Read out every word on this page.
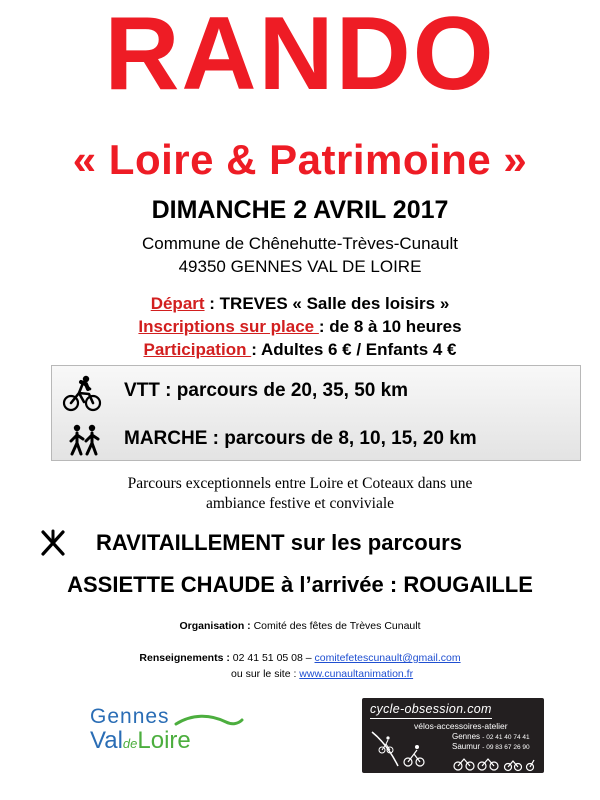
RANDO
« Loire & Patrimoine »
DIMANCHE 2 AVRIL 2017
Commune de Chênehutte-Trèves-Cunault
49350 GENNES VAL DE LOIRE
Départ : TREVES « Salle des loisirs »
Inscriptions sur place : de 8 à 10 heures
Participation : Adultes 6 € / Enfants 4 €
VTT : parcours de 20, 35, 50 km
MARCHE : parcours de 8, 10, 15, 20 km
Parcours exceptionnels entre Loire et Coteaux dans une
ambiance festive et conviviale
RAVITAILLEMENT sur les parcours
ASSIETTE CHAUDE à l’arrivée : ROUGAILLE
Organisation : Comité des fêtes de Trèves Cunault
Renseignements : 02 41 51 05 08 – comitefetescunault@gmail.com
ou sur le site : www.cunaultanimation.fr
Gennes
ValdeLoire
cycle-obsession.com
vélos-accessoires-atelier
Gennes - 02 41 40 74 41
Saumur - 09 83 67 26 90
